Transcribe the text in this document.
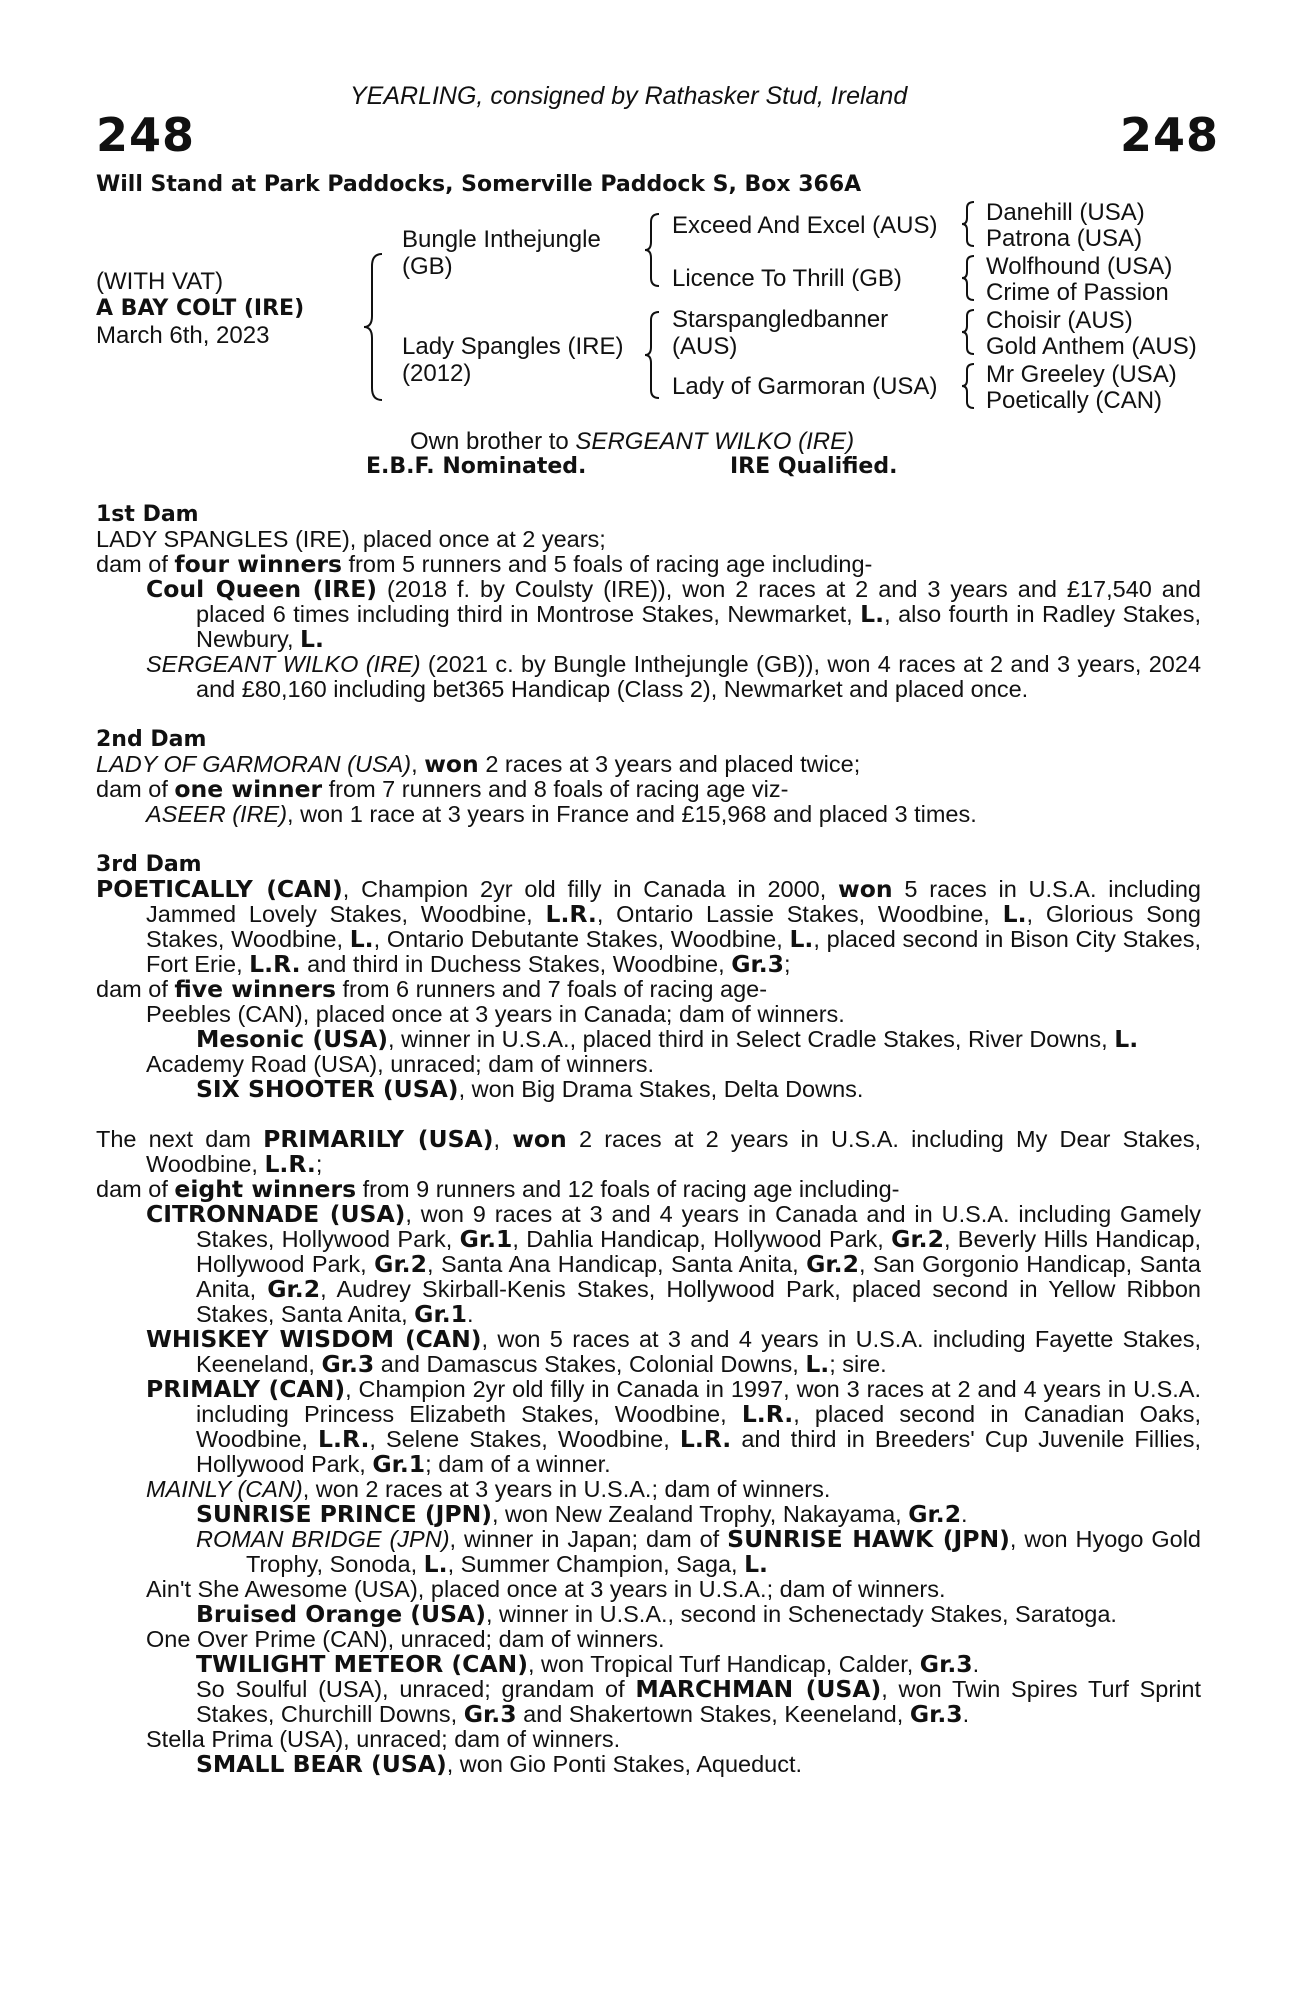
YEARLING, consigned by Rathasker Stud, Ireland
248	248
Will Stand at Park Paddocks, Somerville Paddock S, Box 366A
(WITH VAT)
A BAY COLT (IRE)
March 6th, 2023
Bungle Inthejungle
(GB)
Lady Spangles (IRE)
(2012)
Exceed And Excel (AUS)
Licence To Thrill (GB)
Starspangledbanner
(AUS)
Lady of Garmoran (USA)
Danehill (USA)
Patrona (USA)
Wolfhound (USA)
Crime of Passion
Choisir (AUS)
Gold Anthem (AUS)
Mr Greeley (USA)
Poetically (CAN)
Own brother to SERGEANT WILKO (IRE)
E.B.F. Nominated.	IRE Qualified.

1st Dam

LADY SPANGLES (IRE), placed once at 2 years;

dam of four winners from 5 runners and 5 foals of racing age including-

Coul Queen (IRE) (2018 f. by Coulsty (IRE)), won 2 races at 2 and 3 years and £17,540 and placed 6 times including third in Montrose Stakes, Newmarket, L., also fourth in Radley Stakes, Newbury, L.

SERGEANT WILKO (IRE) (2021 c. by Bungle Inthejungle (GB)), won 4 races at 2 and 3 years, 2024 and £80,160 including bet365 Handicap (Class 2), Newmarket and placed once.

2nd Dam

LADY OF GARMORAN (USA), won 2 races at 3 years and placed twice;

dam of one winner from 7 runners and 8 foals of racing age viz-

ASEER (IRE), won 1 race at 3 years in France and £15,968 and placed 3 times.

3rd Dam

POETICALLY (CAN), Champion 2yr old filly in Canada in 2000, won 5 races in U.S.A. including Jammed Lovely Stakes, Woodbine, L.R., Ontario Lassie Stakes, Woodbine, L., Glorious Song Stakes, Woodbine, L., Ontario Debutante Stakes, Woodbine, L., placed second in Bison City Stakes, Fort Erie, L.R. and third in Duchess Stakes, Woodbine, Gr.3;

dam of five winners from 6 runners and 7 foals of racing age-

Peebles (CAN), placed once at 3 years in Canada; dam of winners.

Mesonic (USA), winner in U.S.A., placed third in Select Cradle Stakes, River Downs, L.

Academy Road (USA), unraced; dam of winners.

SIX SHOOTER (USA), won Big Drama Stakes, Delta Downs.

The next dam PRIMARILY (USA), won 2 races at 2 years in U.S.A. including My Dear Stakes, Woodbine, L.R.;

dam of eight winners from 9 runners and 12 foals of racing age including-

CITRONNADE (USA), won 9 races at 3 and 4 years in Canada and in U.S.A. including Gamely Stakes, Hollywood Park, Gr.1, Dahlia Handicap, Hollywood Park, Gr.2, Beverly Hills Handicap, Hollywood Park, Gr.2, Santa Ana Handicap, Santa Anita, Gr.2, San Gorgonio Handicap, Santa Anita, Gr.2, Audrey Skirball-Kenis Stakes, Hollywood Park, placed second in Yellow Ribbon Stakes, Santa Anita, Gr.1.

WHISKEY WISDOM (CAN), won 5 races at 3 and 4 years in U.S.A. including Fayette Stakes, Keeneland, Gr.3 and Damascus Stakes, Colonial Downs, L.; sire.

PRIMALY (CAN), Champion 2yr old filly in Canada in 1997, won 3 races at 2 and 4 years in U.S.A. including Princess Elizabeth Stakes, Woodbine, L.R., placed second in Canadian Oaks, Woodbine, L.R., Selene Stakes, Woodbine, L.R. and third in Breeders' Cup Juvenile Fillies, Hollywood Park, Gr.1; dam of a winner.

MAINLY (CAN), won 2 races at 3 years in U.S.A.; dam of winners.

SUNRISE PRINCE (JPN), won New Zealand Trophy, Nakayama, Gr.2.

ROMAN BRIDGE (JPN), winner in Japan; dam of SUNRISE HAWK (JPN), won Hyogo Gold Trophy, Sonoda, L., Summer Champion, Saga, L.

Ain't She Awesome (USA), placed once at 3 years in U.S.A.; dam of winners.

Bruised Orange (USA), winner in U.S.A., second in Schenectady Stakes, Saratoga.

One Over Prime (CAN), unraced; dam of winners.

TWILIGHT METEOR (CAN), won Tropical Turf Handicap, Calder, Gr.3.

So Soulful (USA), unraced; grandam of MARCHMAN (USA), won Twin Spires Turf Sprint Stakes, Churchill Downs, Gr.3 and Shakertown Stakes, Keeneland, Gr.3.

Stella Prima (USA), unraced; dam of winners.

SMALL BEAR (USA), won Gio Ponti Stakes, Aqueduct.
